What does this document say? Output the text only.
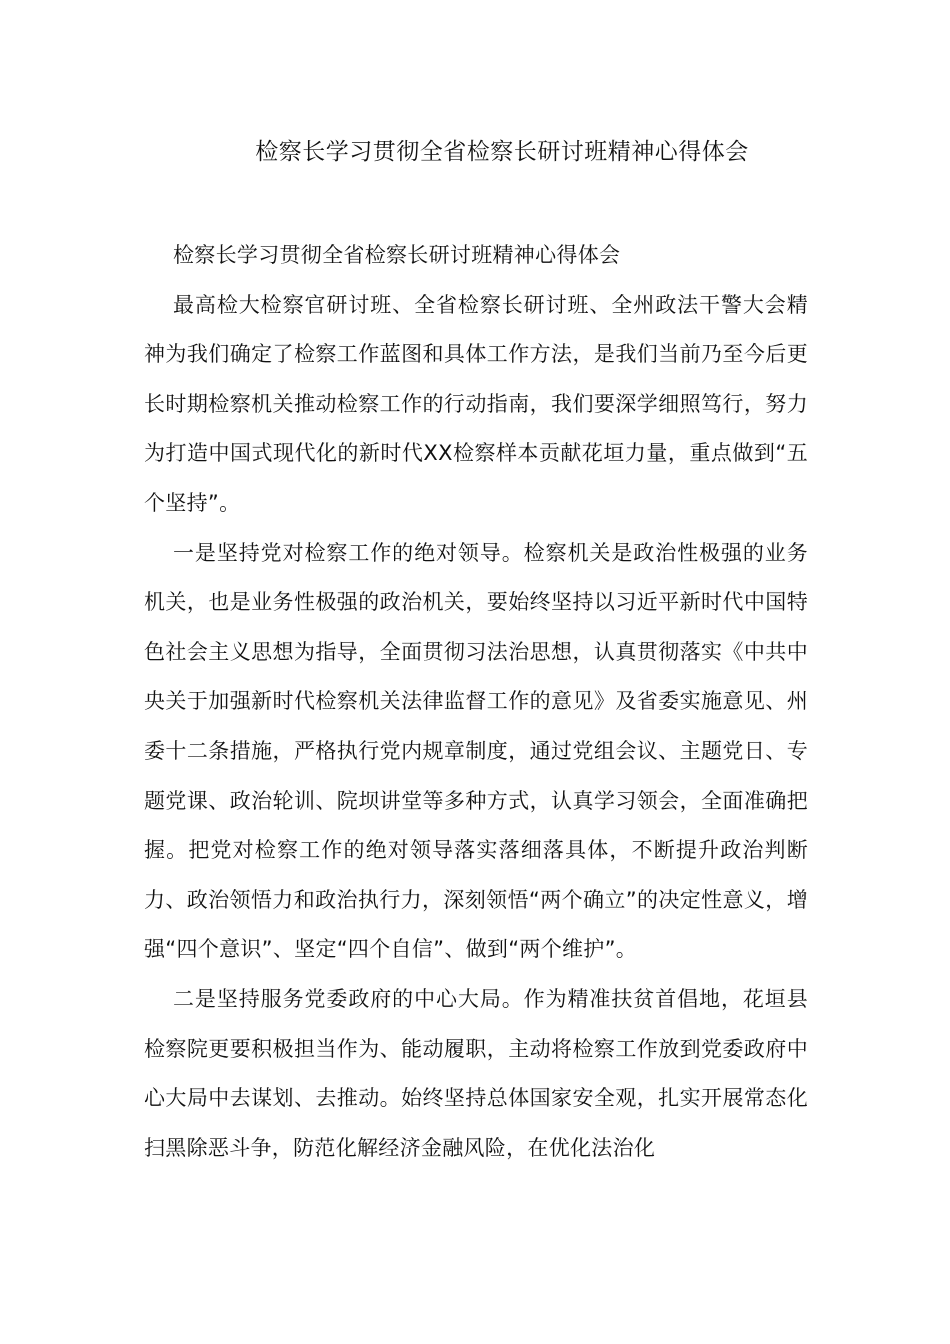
检察长学习贯彻全省检察长研讨班精神心得体会

检察长学习贯彻全省检察长研讨班精神心得体会

最高检大检察官研讨班、全省检察长研讨班、全州政法干警大会精神为我们确定了检察工作蓝图和具体工作方法，是我们当前乃至今后更长时期检察机关推动检察工作的行动指南，我们要深学细照笃行，努力为打造中国式现代化的新时代XX检察样本贡献花垣力量，重点做到“五个坚持”。

一是坚持党对检察工作的绝对领导。检察机关是政治性极强的业务机关，也是业务性极强的政治机关，要始终坚持以习近平新时代中国特色社会主义思想为指导，全面贯彻习法治思想，认真贯彻落实《中共中央关于加强新时代检察机关法律监督工作的意见》及省委实施意见、州委十二条措施，严格执行党内规章制度，通过党组会议、主题党日、专题党课、政治轮训、院坝讲堂等多种方式，认真学习领会，全面准确把握。把党对检察工作的绝对领导落实落细落具体，不断提升政治判断力、政治领悟力和政治执行力，深刻领悟“两个确立”的决定性意义，增强“四个意识”、坚定“四个自信”、做到“两个维护”。

二是坚持服务党委政府的中心大局。作为精准扶贫首倡地，花垣县检察院更要积极担当作为、能动履职，主动将检察工作放到党委政府中心大局中去谋划、去推动。始终坚持总体国家安全观，扎实开展常态化扫黑除恶斗争，防范化解经济金融风险，在优化法治化
